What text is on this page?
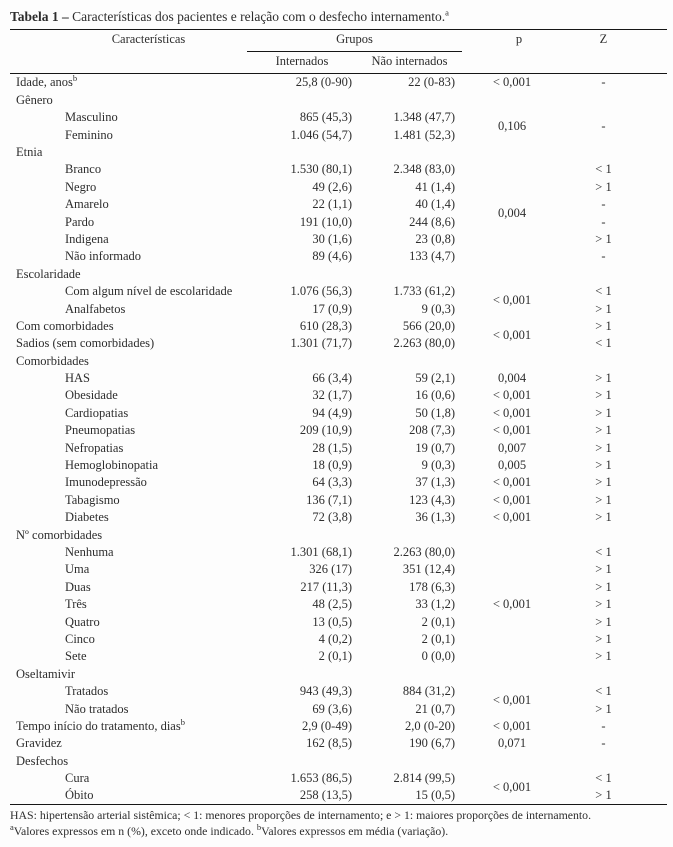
Tabela 1 – Características dos pacientes e relação com o desfecho internamento.$^a$
Características	Grupos		p	Z
	Internados	Não internados		
Idade, anos$^b$	25,8 (0-90)	22 (0-83)	< 0,001	-
Gênero				
Masculino	865 (45,3)	1.348 (47,7)	0,106	-
Feminino	1.046 (54,7)	1.481 (52,3)		
Etnia				
Branco	1.530 (80,1)	2.348 (83,0)	0,004	< 1
Negro	49 (2,6)	41 (1,4)		> 1
Amarelo	22 (1,1)	40 (1,4)		-
Pardo	191 (10,0)	244 (8,6)		-
Indigena	30 (1,6)	23 (0,8)		> 1
Não informado	89 (4,6)	133 (4,7)		-
Escolaridade				
Com algum nível de escolaridade	1.076 (56,3)	1.733 (61,2)	< 0,001	< 1
Analfabetos	17 (0,9)	9 (0,3)		> 1
Com comorbidades	610 (28,3)	566 (20,0)	< 0,001	> 1
Sadios (sem comorbidades)	1.301 (71,7)	2.263 (80,0)		< 1
Comorbidades				
HAS	66 (3,4)	59 (2,1)	0,004	> 1
Obesidade	32 (1,7)	16 (0,6)	< 0,001	> 1
Cardiopatias	94 (4,9)	50 (1,8)	< 0,001	> 1
Pneumopatias	209 (10,9)	208 (7,3)	< 0,001	> 1
Nefropatias	28 (1,5)	19 (0,7)	0,007	> 1
Hemoglobinopatia	18 (0,9)	9 (0,3)	0,005	> 1
Imunodepressão	64 (3,3)	37 (1,3)	< 0,001	> 1
Tabagismo	136 (7,1)	123 (4,3)	< 0,001	> 1
Diabetes	72 (3,8)	36 (1,3)	< 0,001	> 1
Nº comorbidades				
Nenhuma	1.301 (68,1)	2.263 (80,0)	< 0,001	< 1
Uma	326 (17)	351 (12,4)		> 1
Duas	217 (11,3)	178 (6,3)		> 1
Três	48 (2,5)	33 (1,2)		> 1
Quatro	13 (0,5)	2 (0,1)		> 1
Cinco	4 (0,2)	2 (0,1)		> 1
Sete	2 (0,1)	0 (0,0)		> 1
Oseltamivir				
Tratados	943 (49,3)	884 (31,2)	< 0,001	< 1
Não tratados	69 (3,6)	21 (0,7)		> 1
Tempo início do tratamento, dias$^b$	2,9 (0-49)	2,0 (0-20)	< 0,001	-
Gravidez	162 (8,5)	190 (6,7)	0,071	-
Desfechos				
Cura	1.653 (86,5)	2.814 (99,5)	< 0,001	< 1
Óbito	258 (13,5)	15 (0,5)		> 1
HAS: hipertensão arterial sistêmica; < 1: menores proporções de internamento; e > 1: maiores proporções de internamento.
$^a$Valores expressos em n (%), exceto onde indicado. $^b$Valores expressos em média (variação).
